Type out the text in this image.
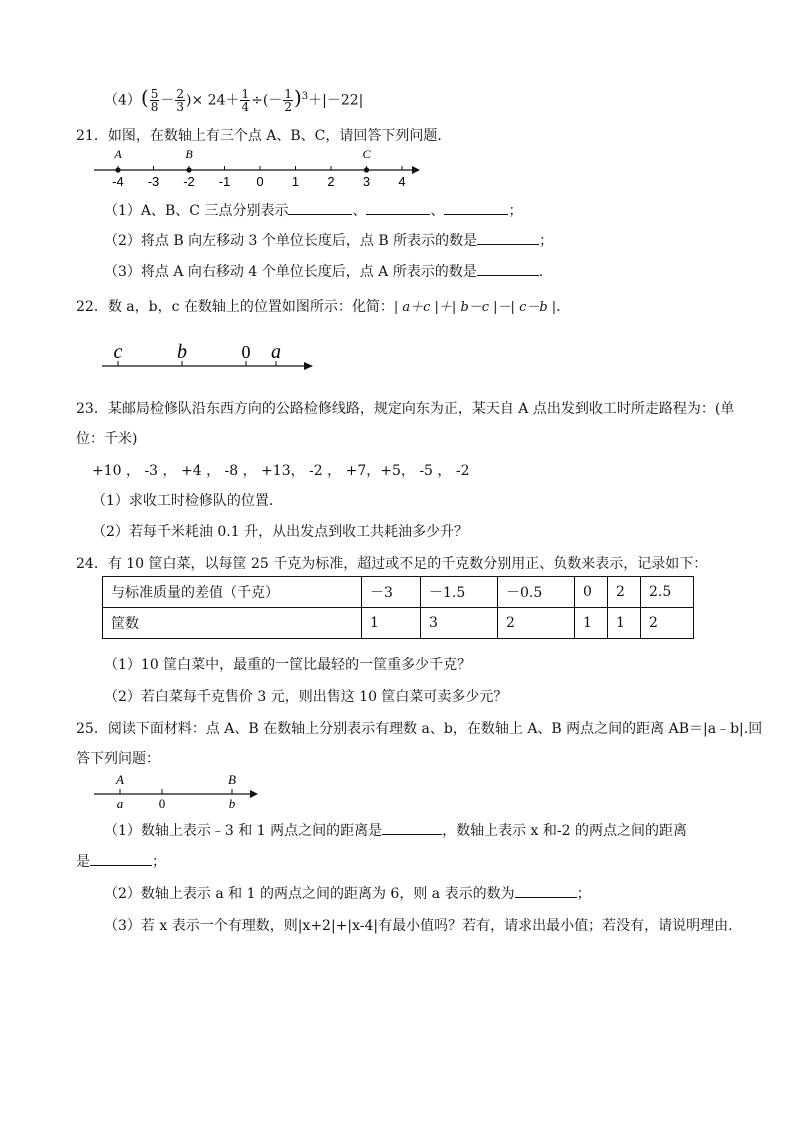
$(4)( \frac{5}{8} - \frac{2}{3}$ )× $24+ \frac{1}{4}$ ÷(－ $\frac{1}{2} )^3+|-22|$
21．如图，在数轴上有三个点 A、B、C，请回答下列问题.
-4 -3 -2 -1 0 1 2 3 4
A	B	C
（1）A、B、C 三点分别表示	、	、	；
（2）将点 B 向左移动 3 个单位长度后，点 B 所表示的数是	；
（3）将点 A 向右移动 4 个单位长度后，点 A 所表示的数是	.
22．数 a，b，c 在数轴上的位置如图所示：化简：| a＋c |＋| b－c |－| c－b |．
c	b	0 a
23．某邮局检修队沿东西方向的公路检修线路，规定向东为正，某天自 A 点出发到收工时所走路程为：(单
位：千米)
+10 ， -3 ， +4 ， -8 ， +13， -2 ， +7，+5， -5 ， -2
（1）求收工时检修队的位置.
（2）若每千米耗油 0.1 升，从出发点到收工共耗油多少升？
24．有 10 筐白菜，以每筐 25 千克为标准，超过或不足的千克数分别用正、负数来表示，记录如下：
与标准质量的差值（千克）	－3	－1.5	－0.5	0	2	2.5
筐数	1	3	2	1	1	2
（1）10 筐白菜中，最重的一筐比最轻的一筐重多少千克？
（2）若白菜每千克售价 3 元，则出售这 10 筐白菜可卖多少元？
25．阅读下面材料：点 A、B 在数轴上分别表示有理数 a、b，在数轴上 A、B 两点之间的距离 AB＝|a﹣b|.回
答下列问题：
A
a	0
B
b
（1）数轴上表示﹣3 和 1 两点之间的距离是	，数轴上表示 x 和-2 的两点之间的距离
是	；
（2）数轴上表示 a 和 1 的两点之间的距离为 6，则 a 表示的数为	；
（3）若 x 表示一个有理数，则|x+2|+|x-4|有最小值吗？若有，请求出最小值；若没有，请说明理由.
